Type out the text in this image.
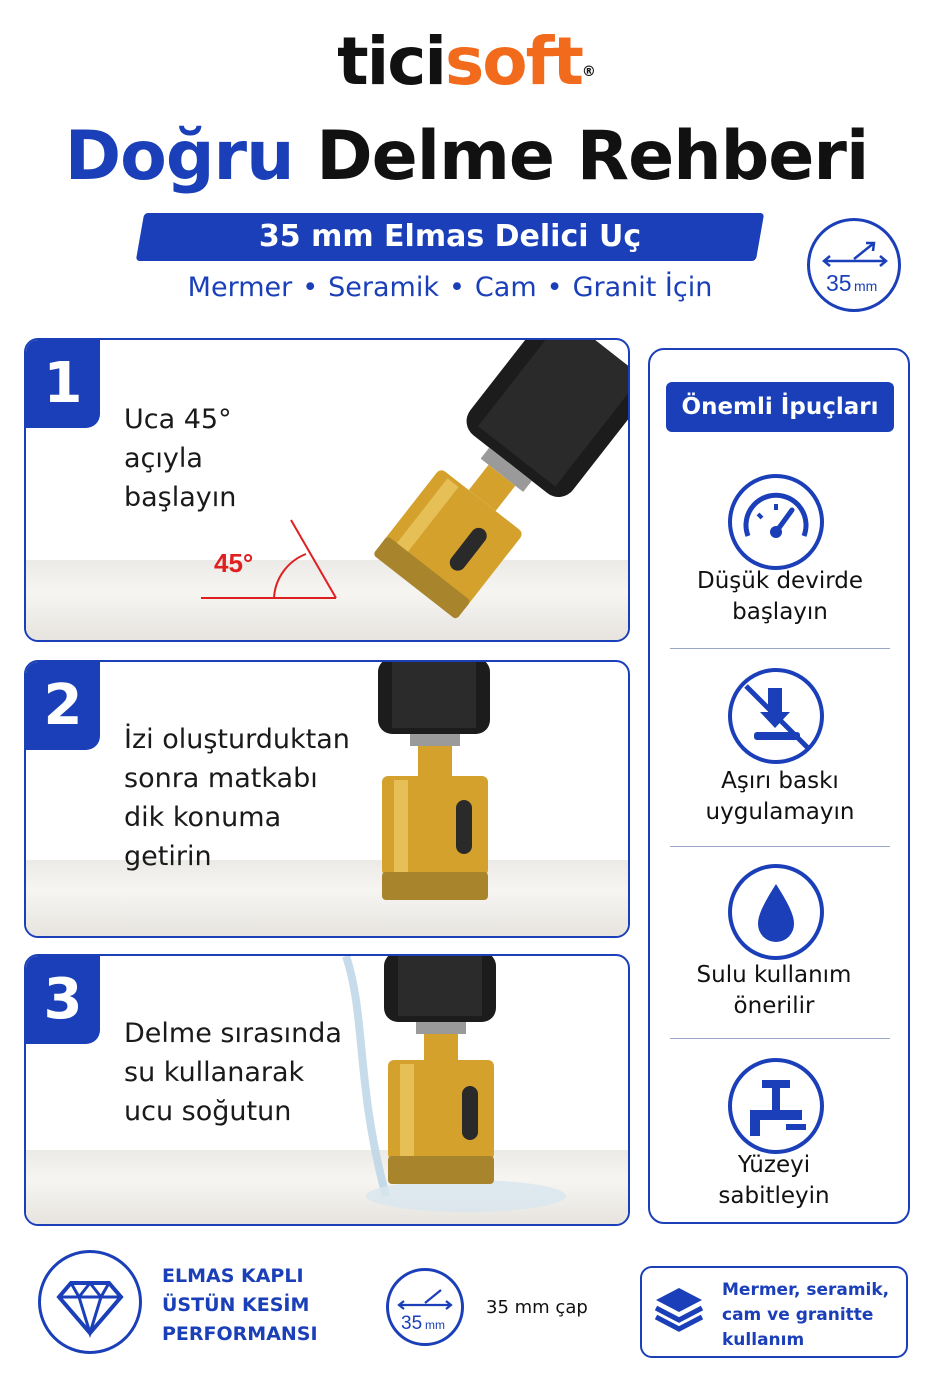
ticisoft®
Doğru Delme Rehberi
35 mm Elmas Delici Uç
Mermer • Seramik • Cam • Granit İçin	35 mm
1
Uca 45°
açıyla
başlayın
45°
2
İzi oluşturduktan
sonra matkabı
dik konuma
getirin
3
Delme sırasında
su kullanarak
ucu soğutun
Önemli İpuçları
Düşük devirde
başlayın
Aşırı baskı
uygulamayın
Sulu kullanım
önerilir
Yüzeyi
sabitleyin
ELMAS KAPLI
ÜSTÜN KESİM
PERFORMANSI	35 mm
35 mm çap
Mermer, seramik,
cam ve granitte
kullanım
